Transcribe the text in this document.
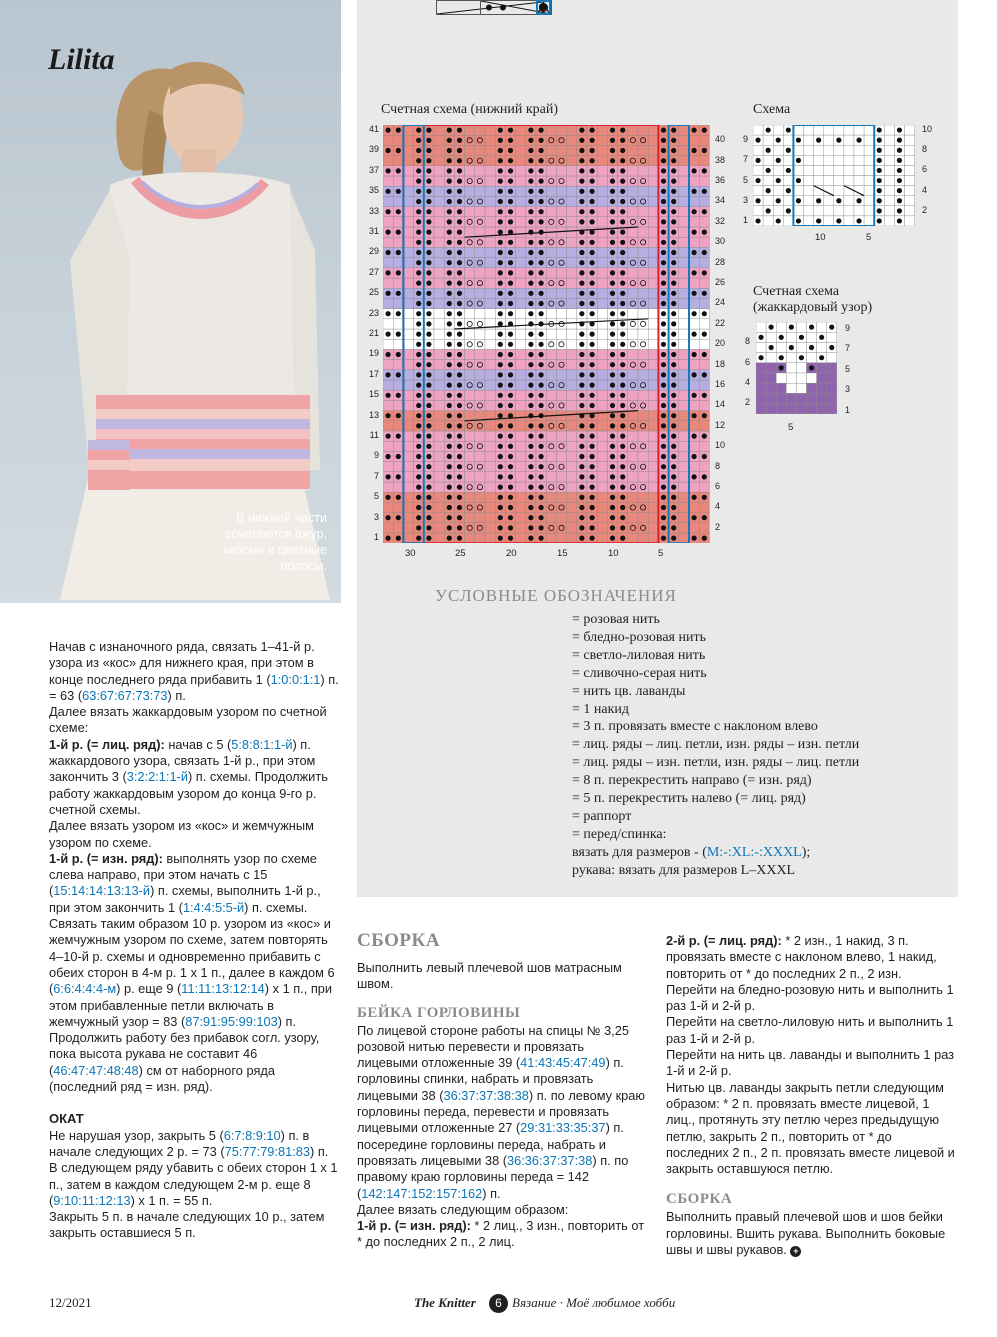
Lilita
В нижней части сочетаются ажур, «косы» и цветные полосы.
Счетная схема (нижний край)
41
39
37
35
33
31
29
27
25
23
21
19
17
15
13
11
9
7
5
3
1
40
38
36
34
32
30
28
26
24
22
20
18
16
14
12
10
8
6
4
2
30	25	20	15	10	5
Схема
9
7
5
3
1
10
8
6
4
2
10	5
Счетная схема
(жаккардовый узор)
8
6
4
2
9
7
5
3
1
5
УСЛОВНЫЕ ОБОЗНАЧЕНИЯ
= розовая нить
= бледно-розовая нить
= светло-лиловая нить
= сливочно-серая нить
= нить цв. лаванды
= 1 накид
= 3 п. провязать вместе с наклоном влево
= лиц. ряды – лиц. петли, изн. ряды – изн. петли
= лиц. ряды – изн. петли, изн. ряды – лиц. петли
= 8 п. перекрестить направо (= изн. ряд)
= 5 п. перекрестить налево (= лиц. ряд)
= раппорт
= перед/спинка:
вязать для размеров - (M:-:XL:-:XXXL);
рукава: вязать для размеров L–XXXL

Начав с изнаночного ряда, связать 1–41-й р. узора из «кос» для нижнего края, при этом в конце последнего ряда прибавить 1 (1:0:0:1:1) п. = 63 (63:67:67:73:73) п.

Далее вязать жаккардовым узором по счетной схеме:

1-й р. (= лиц. ряд): начав с 5 (5:8:8:1:1-й) п. жаккардового узора, связать 1-й р., при этом закончить 3 (3:2:2:1:1-й) п. схемы. Продолжить работу жаккардовым узором до конца 9-го р. счетной схемы.

Далее вязать узором из «кос» и жемчужным узором по схеме.

1-й р. (= изн. ряд): выполнять узор по схеме слева направо, при этом начать с 15 (15:14:14:13:13-й) п. схемы, выполнить 1-й р., при этом закончить 1 (1:4:4:5:5-й) п. схемы. Связать таким образом 10 р. узором из «кос» и жемчужным узором по схеме, затем повторять 4–10-й р. схемы и одновременно прибавить с обеих сторон в 4-м р. 1 х 1 п., далее в каждом 6 (6:6:4:4:4-м) р. еще 9 (11:11:13:12:14) х 1 п., при этом прибавленные петли включать в жемчужный узор = 83 (87:91:95:99:103) п.

Продолжить работу без прибавок согл. узору, пока высота рукава не составит 46 (46:47:47:48:48) см от наборного ряда (последний ряд = изн. ряд).

ОКАТ

Не нарушая узор, закрыть 5 (6:7:8:9:10) п. в начале следующих 2 р. = 73 (75:77:79:81:83) п.

В следующем ряду убавить с обеих сторон 1 х 1 п., затем в каждом следующем 2-м р. еще 8 (9:10:11:12:13) х 1 п. = 55 п.

Закрыть 5 п. в начале следующих 10 р., затем закрыть оставшиеся 5 п.

СБОРКА

Выполнить левый плечевой шов матрасным швом.

БЕЙКА ГОРЛОВИНЫ

По лицевой стороне работы на спицы № 3,25 розовой нитью перевести и провязать лицевыми отложенные 39 (41:43:45:47:49) п. горловины спинки, набрать и провязать лицевыми 38 (36:37:37:38:38) п. по левому краю горловины переда, перевести и провязать лицевыми отложенные 27 (29:31:33:35:37) п. посередине горловины переда, набрать и провязать лицевыми 38 (36:36:37:37:38) п. по правому краю горловины переда = 142 (142:147:152:157:162) п.

Далее вязать следующим образом:

1-й р. (= изн. ряд): * 2 лиц., 3 изн., повторить от * до последних 2 п., 2 лиц.

2-й р. (= лиц. ряд): * 2 изн., 1 накид, 3 п. провязать вместе с наклоном влево, 1 накид, повторить от * до последних 2 п., 2 изн.

Перейти на бледно-розовую нить и выполнить 1 раз 1-й и 2-й р.

Перейти на светло-лиловую нить и выполнить 1 раз 1-й и 2-й р.

Перейти на нить цв. лаванды и выполнить 1 раз 1-й и 2-й р.

Нитью цв. лаванды закрыть петли следующим образом: * 2 п. провязать вместе лицевой, 1 лиц., протянуть эту петлю через предыдущую петлю, закрыть 2 п., повторить от * до последних 2 п., 2 п. провязать вместе лицевой и закрыть оставшуюся петлю.

СБОРКА

Выполнить правый плечевой шов и шов бейки горловины. Вшить рукава. Выполнить боковые швы и швы рукавов. +

12/2021	The Knitter	6 Вязание · Моё любимое хобби
